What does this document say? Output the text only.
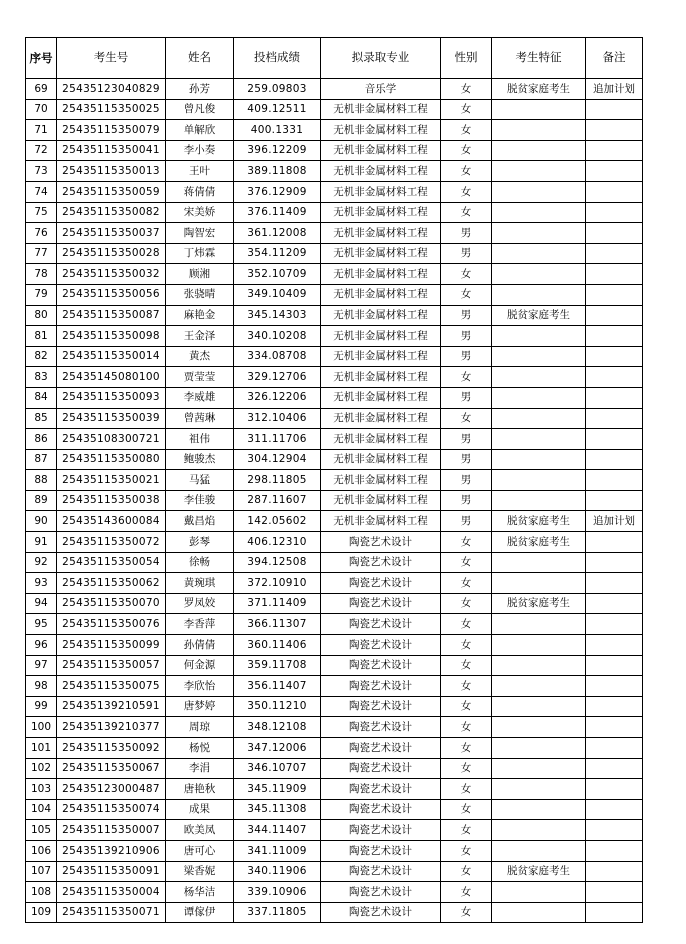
序号	考生号	姓名	投档成绩	拟录取专业	性别	考生特征	备注
69	25435123040829	孙芳	259.09803	音乐学	女	脱贫家庭考生	追加计划
70	25435115350025	曾凡俊	409.12511	无机非金属材料工程	女		
71	25435115350079	单解欣	400.1331	无机非金属材料工程	女		
72	25435115350041	李小奏	396.12209	无机非金属材料工程	女		
73	25435115350013	王叶	389.11808	无机非金属材料工程	女		
74	25435115350059	蒋倩倩	376.12909	无机非金属材料工程	女		
75	25435115350082	宋美娇	376.11409	无机非金属材料工程	女		
76	25435115350037	陶智宏	361.12008	无机非金属材料工程	男		
77	25435115350028	丁炜霖	354.11209	无机非金属材料工程	男		
78	25435115350032	顾湘	352.10709	无机非金属材料工程	女		
79	25435115350056	张骁晴	349.10409	无机非金属材料工程	女		
80	25435115350087	麻艳金	345.14303	无机非金属材料工程	男	脱贫家庭考生	
81	25435115350098	王金泽	340.10208	无机非金属材料工程	男		
82	25435115350014	黄杰	334.08708	无机非金属材料工程	男		
83	25435145080100	贾莹莹	329.12706	无机非金属材料工程	女		
84	25435115350093	李威雄	326.12206	无机非金属材料工程	男		
85	25435115350039	曾茜琳	312.10406	无机非金属材料工程	女		
86	25435108300721	祖伟	311.11706	无机非金属材料工程	男		
87	25435115350080	鲍骏杰	304.12904	无机非金属材料工程	男		
88	25435115350021	马猛	298.11805	无机非金属材料工程	男		
89	25435115350038	李佳骏	287.11607	无机非金属材料工程	男		
90	25435143600084	戴昌焰	142.05602	无机非金属材料工程	男	脱贫家庭考生	追加计划
91	25435115350072	彭琴	406.12310	陶瓷艺术设计	女	脱贫家庭考生	
92	25435115350054	徐畅	394.12508	陶瓷艺术设计	女		
93	25435115350062	黄琬琪	372.10910	陶瓷艺术设计	女		
94	25435115350070	罗凤姣	371.11409	陶瓷艺术设计	女	脱贫家庭考生	
95	25435115350076	李香萍	366.11307	陶瓷艺术设计	女		
96	25435115350099	孙倩倩	360.11406	陶瓷艺术设计	女		
97	25435115350057	何金源	359.11708	陶瓷艺术设计	女		
98	25435115350075	李欣怡	356.11407	陶瓷艺术设计	女		
99	25435139210591	唐梦婷	350.11210	陶瓷艺术设计	女		
100	25435139210377	周琼	348.12108	陶瓷艺术设计	女		
101	25435115350092	杨悦	347.12006	陶瓷艺术设计	女		
102	25435115350067	李涓	346.10707	陶瓷艺术设计	女		
103	25435123000487	唐艳秋	345.11909	陶瓷艺术设计	女		
104	25435115350074	成果	345.11308	陶瓷艺术设计	女		
105	25435115350007	欧美凤	344.11407	陶瓷艺术设计	女		
106	25435139210906	唐可心	341.11009	陶瓷艺术设计	女		
107	25435115350091	梁香妮	340.11906	陶瓷艺术设计	女	脱贫家庭考生	
108	25435115350004	杨华洁	339.10906	陶瓷艺术设计	女		
109	25435115350071	谭傢伊	337.11805	陶瓷艺术设计	女		
